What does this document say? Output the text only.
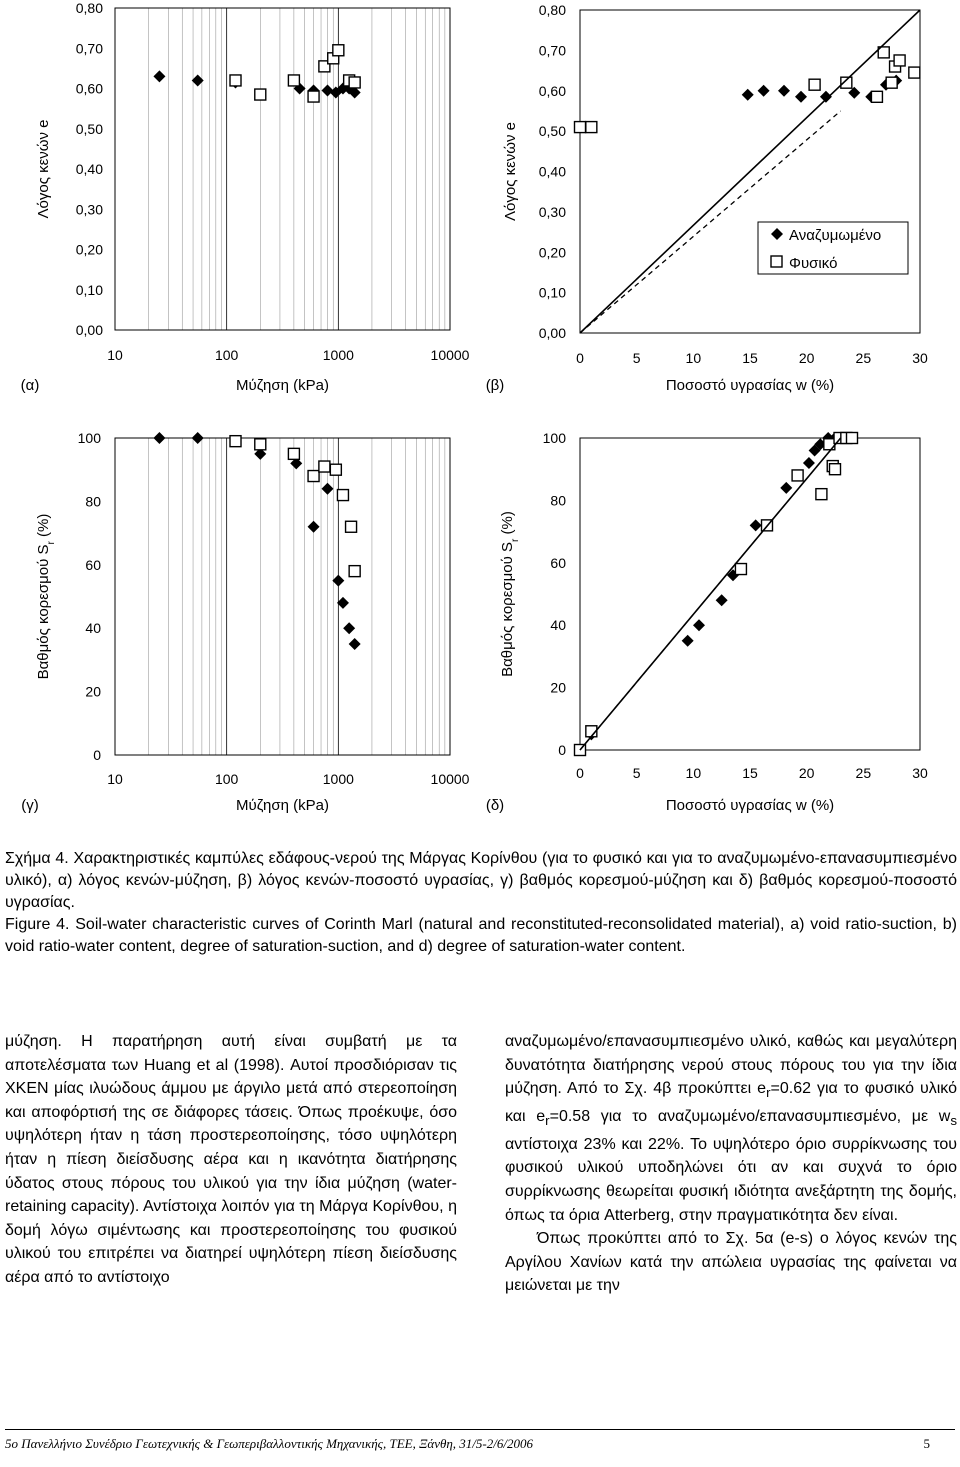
0,00
0,10
0,20
0,30
0,40
0,50
0,60
0,70
0,80
10	100	1000	10000
Μύζηση (kPa)
(α)
Λόγος κενών e
0,00
0,10
0,20
0,30
0,40
0,50
0,60
0,70
0,80
0	5	10	15	20	25	30
Ποσοστό υγρασίας w (%)
(β)
Λόγος κενών e
Αναζυμωμένο
Φυσικό
0
20
40
60
80
100
10	100	1000	10000
Μύζηση (kPa)
(γ)
Βαθμός κορεσμού $S_r$ (%)
0
20
40
60
80
100
0	5	10	15	20	25	30
Ποσοστό υγρασίας w (%)
(δ)
Βαθμός κορεσμού $S_r$ (%)

Σχήμα 4. Χαρακτηριστικές καμπύλες εδάφους-νερού της Μάργας Κορίνθου (για το φυσικό και για το αναζυμωμένο-επανασυμπιεσμένο υλικό), α) λόγος κενών-μύζηση, β) λόγος κενών-ποσοστό υγρασίας, γ) βαθμός κορεσμού-μύζηση και δ) βαθμός κορεσμού-ποσοστό υγρασίας.

Figure 4. Soil-water characteristic curves of Corinth Marl (natural and reconstituted-reconsolidated material), a) void ratio-suction, b) void ratio-water content, degree of saturation-suction, and d) degree of saturation-water content.

μύζηση. Η παρατήρηση αυτή είναι συμβατή με τα αποτελέσματα των Huang et al (1998). Αυτοί προσδιόρισαν τις ΧΚΕΝ μίας ιλυώδους άμμου με άργιλο μετά από στερεοποίηση και αποφόρτισή της σε διάφορες τάσεις. Όπως προέκυψε, όσο υψηλότερη ήταν η τάση προστερεοποίησης, τόσο υψηλότερη ήταν η πίεση διείσδυσης αέρα και η ικανότητα διατήρησης ύδατος στους πόρους του υλικού για την ίδια μύζηση (water-retaining capacity). Αντίστοιχα λοιπόν για τη Μάργα Κορίνθου, η δομή λόγω σιμέντωσης και προστερεοποίησης του φυσικού υλικού του επιτρέπει να διατηρεί υψηλότερη πίεση διείσδυσης αέρα από το αντίστοιχο

αναζυμωμένο/επανασυμπιεσμένο υλικό, καθώς και μεγαλύτερη δυνατότητα διατήρησης νερού στους πόρους του για την ίδια μύζηση. Από το Σχ. 4β προκύπτει $e_r=0.62$ για το φυσικό υλικό και $e_r=0.58$ για το αναζυμωμένο/επανασυμπιεσμένο, με $w_s$ αντίστοιχα 23% και 22%. Το υψηλότερο όριο συρρίκνωσης του φυσικού υλικού υποδηλώνει ότι αν και συχνά το όριο συρρίκνωσης θεωρείται φυσική ιδιότητα ανεξάρτητη της δομής, όπως τα όρια Atterberg, στην πραγματικότητα δεν είναι.

Όπως προκύπτει από το Σχ. 5α (e-s) ο λόγος κενών της Αργίλου Χανίων κατά την απώλεια υγρασίας της φαίνεται να μειώνεται με την

5o Πανελλήνιο Συνέδριο Γεωτεχνικής & Γεωπεριβαλλοντικής Μηχανικής, ΤΕΕ, Ξάνθη, 31/5-2/6/2006	5
